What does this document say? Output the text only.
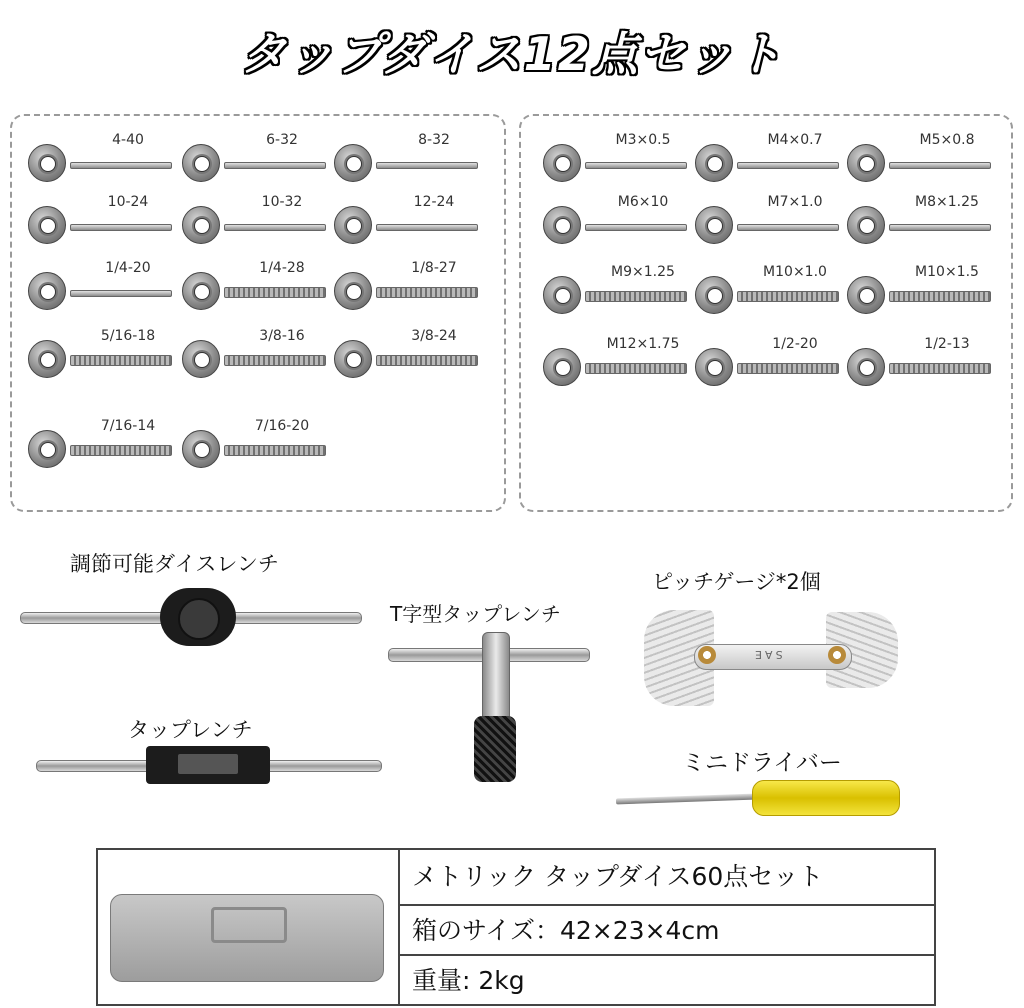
タップダイス12点セット
4-40	6-32	8-32
10-24	10-32	12-24
1/4-20	1/4-28	1/8-27
5/16-18	3/8-16	3/8-24
7/16-14	7/16-20
M3×0.5	M4×0.7	M5×0.8
M6×10	M7×1.0	M8×1.25
M9×1.25	M10×1.0	M10×1.5
M12×1.75	1/2-20	1/2-13
調節可能ダイスレンチ
T字型タップレンチ
ピッチゲージ*2個
SAE
タップレンチ
ミニドライバー
メトリック タップダイス60点セット
箱のサイズ：42×23×4cm
重量: 2kg
